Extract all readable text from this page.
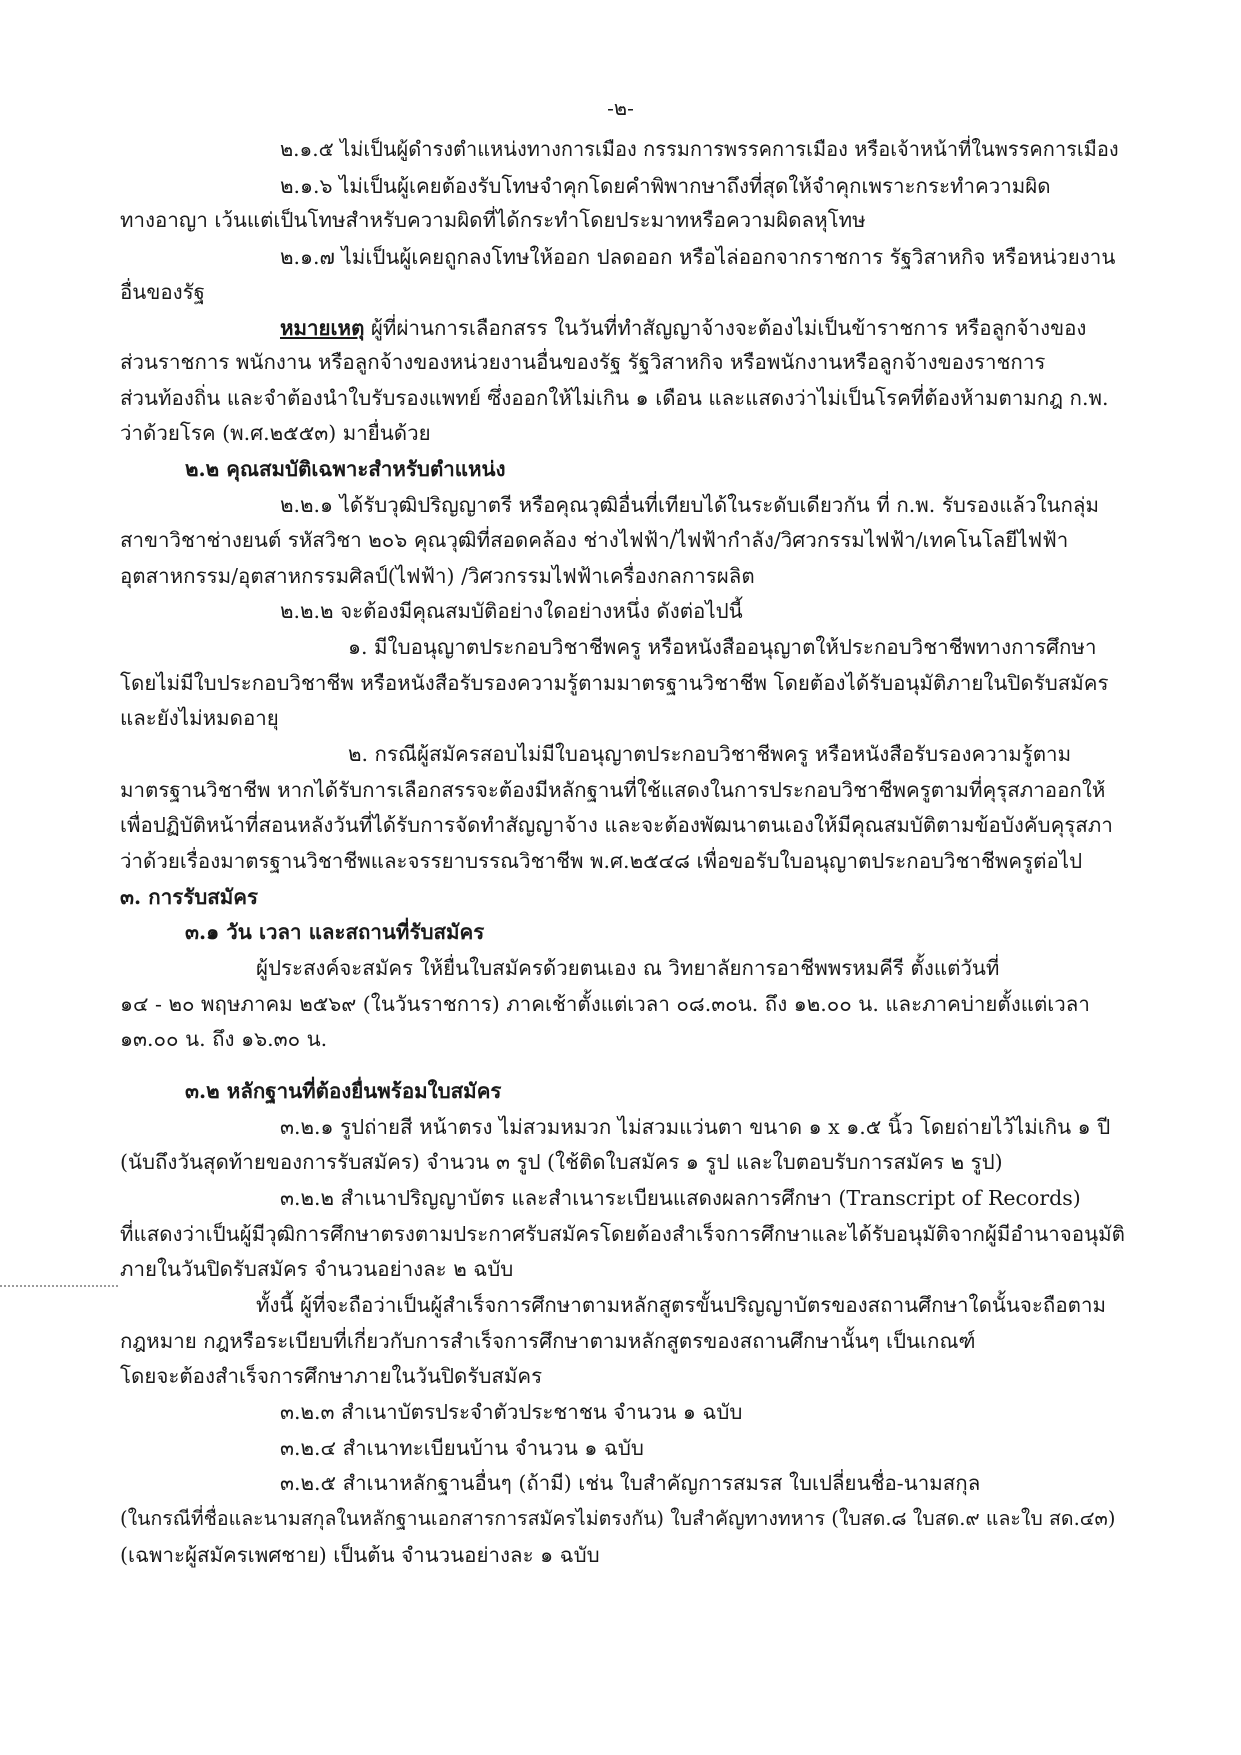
-๒-
๒.๑.๕ ไม่เป็นผู้ดำรงตำแหน่งทางการเมือง กรรมการพรรคการเมือง หรือเจ้าหน้าที่ในพรรคการเมือง
๒.๑.๖ ไม่เป็นผู้เคยต้องรับโทษจำคุกโดยคำพิพากษาถึงที่สุดให้จำคุกเพราะกระทำความผิด
ทางอาญา เว้นแต่เป็นโทษสำหรับความผิดที่ได้กระทำโดยประมาทหรือความผิดลหุโทษ
๒.๑.๗ ไม่เป็นผู้เคยถูกลงโทษให้ออก ปลดออก หรือไล่ออกจากราชการ รัฐวิสาหกิจ หรือหน่วยงาน
อื่นของรัฐ
หมายเหตุ ผู้ที่ผ่านการเลือกสรร ในวันที่ทำสัญญาจ้างจะต้องไม่เป็นข้าราชการ หรือลูกจ้างของ
ส่วนราชการ พนักงาน หรือลูกจ้างของหน่วยงานอื่นของรัฐ รัฐวิสาหกิจ หรือพนักงานหรือลูกจ้างของราชการ
ส่วนท้องถิ่น และจำต้องนำใบรับรองแพทย์ ซึ่งออกให้ไม่เกิน ๑ เดือน และแสดงว่าไม่เป็นโรคที่ต้องห้ามตามกฎ ก.พ.
ว่าด้วยโรค (พ.ศ.๒๕๕๓) มายื่นด้วย
๒.๒ คุณสมบัติเฉพาะสำหรับตำแหน่ง
๒.๒.๑ ได้รับวุฒิปริญญาตรี หรือคุณวุฒิอื่นที่เทียบได้ในระดับเดียวกัน ที่ ก.พ. รับรองแล้วในกลุ่ม
สาขาวิชาช่างยนต์ รหัสวิชา ๒๐๖ คุณวุฒิที่สอดคล้อง ช่างไฟฟ้า/ไฟฟ้ากำลัง/วิศวกรรมไฟฟ้า/เทคโนโลยีไฟฟ้า
อุตสาหกรรม/อุตสาหกรรมศิลป์(ไฟฟ้า) /วิศวกรรมไฟฟ้าเครื่องกลการผลิต
๒.๒.๒ จะต้องมีคุณสมบัติอย่างใดอย่างหนึ่ง ดังต่อไปนี้
๑. มีใบอนุญาตประกอบวิชาชีพครู หรือหนังสืออนุญาตให้ประกอบวิชาชีพทางการศึกษา
โดยไม่มีใบประกอบวิชาชีพ หรือหนังสือรับรองความรู้ตามมาตรฐานวิชาชีพ โดยต้องได้รับอนุมัติภายในปิดรับสมัคร
และยังไม่หมดอายุ
๒. กรณีผู้สมัครสอบไม่มีใบอนุญาตประกอบวิชาชีพครู หรือหนังสือรับรองความรู้ตาม
มาตรฐานวิชาชีพ หากได้รับการเลือกสรรจะต้องมีหลักฐานที่ใช้แสดงในการประกอบวิชาชีพครูตามที่คุรุสภาออกให้
เพื่อปฏิบัติหน้าที่สอนหลังวันที่ได้รับการจัดทำสัญญาจ้าง และจะต้องพัฒนาตนเองให้มีคุณสมบัติตามข้อบังคับคุรุสภา
ว่าด้วยเรื่องมาตรฐานวิชาชีพและจรรยาบรรณวิชาชีพ พ.ศ.๒๕๔๘ เพื่อขอรับใบอนุญาตประกอบวิชาชีพครูต่อไป
๓. การรับสมัคร
๓.๑ วัน เวลา และสถานที่รับสมัคร
ผู้ประสงค์จะสมัคร ให้ยื่นใบสมัครด้วยตนเอง ณ วิทยาลัยการอาชีพพรหมคีรี ตั้งแต่วันที่
๑๔ - ๒๐ พฤษภาคม ๒๕๖๙ (ในวันราชการ) ภาคเช้าตั้งแต่เวลา ๐๘.๓๐น. ถึง ๑๒.๐๐ น. และภาคบ่ายตั้งแต่เวลา
๑๓.๐๐ น. ถึง ๑๖.๓๐ น.
๓.๒ หลักฐานที่ต้องยื่นพร้อมใบสมัคร
๓.๒.๑ รูปถ่ายสี หน้าตรง ไม่สวมหมวก ไม่สวมแว่นตา ขนาด ๑ x ๑.๕ นิ้ว โดยถ่ายไว้ไม่เกิน ๑ ปี
(นับถึงวันสุดท้ายของการรับสมัคร) จำนวน ๓ รูป (ใช้ติดใบสมัคร ๑ รูป และใบตอบรับการสมัคร ๒ รูป)
๓.๒.๒ สำเนาปริญญาบัตร และสำเนาระเบียนแสดงผลการศึกษา (Transcript of Records)
ที่แสดงว่าเป็นผู้มีวุฒิการศึกษาตรงตามประกาศรับสมัครโดยต้องสำเร็จการศึกษาและได้รับอนุมัติจากผู้มีอำนาจอนุมัติ
ภายในวันปิดรับสมัคร จำนวนอย่างละ ๒ ฉบับ
ทั้งนี้ ผู้ที่จะถือว่าเป็นผู้สำเร็จการศึกษาตามหลักสูตรขั้นปริญญาบัตรของสถานศึกษาใดนั้นจะถือตาม
กฎหมาย กฎหรือระเบียบที่เกี่ยวกับการสำเร็จการศึกษาตามหลักสูตรของสถานศึกษานั้นๆ เป็นเกณฑ์
โดยจะต้องสำเร็จการศึกษาภายในวันปิดรับสมัคร
๓.๒.๓ สำเนาบัตรประจำตัวประชาชน จำนวน ๑ ฉบับ
๓.๒.๔ สำเนาทะเบียนบ้าน จำนวน ๑ ฉบับ
๓.๒.๕ สำเนาหลักฐานอื่นๆ (ถ้ามี) เช่น ใบสำคัญการสมรส ใบเปลี่ยนชื่อ-นามสกุล
(ในกรณีที่ชื่อและนามสกุลในหลักฐานเอกสารการสมัครไม่ตรงกัน) ใบสำคัญทางทหาร (ใบสด.๘ ใบสด.๙ และใบ สด.๔๓)
(เฉพาะผู้สมัครเพศชาย) เป็นต้น จำนวนอย่างละ ๑ ฉบับ
